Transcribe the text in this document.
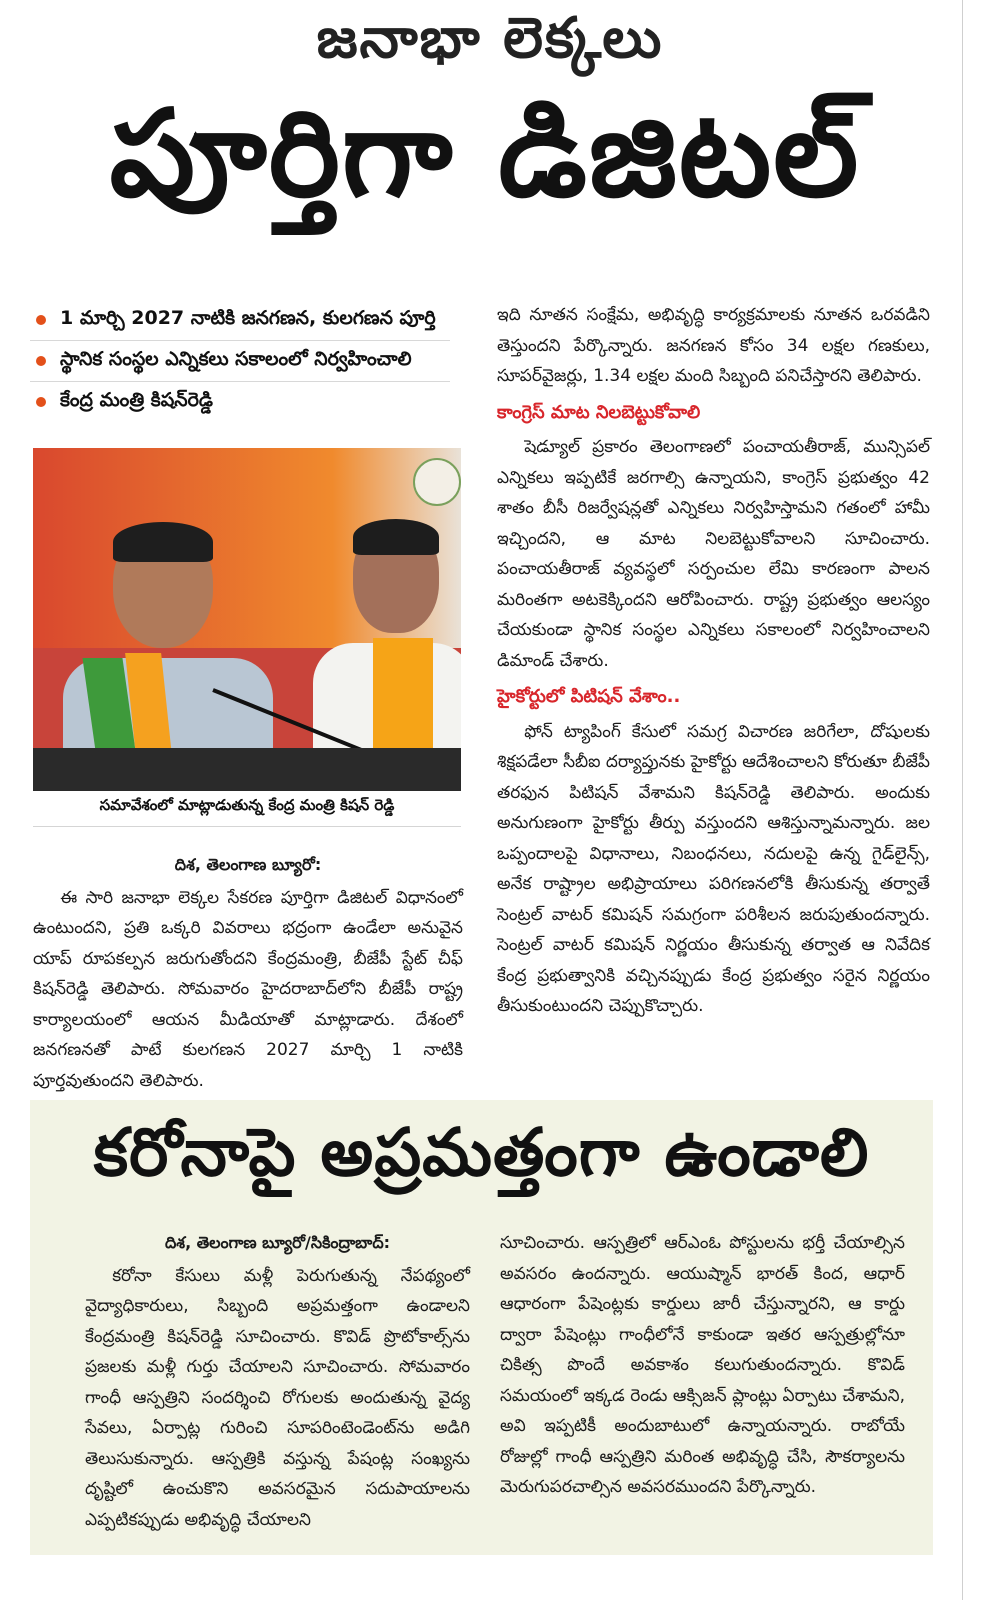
జనాభా లెక్కలు
పూర్తిగా డిజిటల్
1 మార్చి 2027 నాటికి జనగణన, కులగణన పూర్తి
స్థానిక సంస్థల ఎన్నికలు సకాలంలో నిర్వహించాలి
కేంద్ర మంత్రి కిషన్‌రెడ్డి
సమావేశంలో మాట్లాడుతున్న కేంద్ర మంత్రి కిషన్ రెడ్డి
దిశ, తెలంగాణ బ్యూరో:
ఈ సారి జనాభా లెక్కల సేకరణ పూర్తిగా డిజిటల్ విధానంలో ఉంటుందని, ప్రతి ఒక్కరి వివరాలు భద్రంగా ఉండేలా అనువైన యాప్ రూపకల్పన జరుగుతోందని కేంద్రమంత్రి, బీజేపీ స్టేట్ చీఫ్ కిషన్‌రెడ్డి తెలిపారు. సోమవారం హైదరాబాద్‌లోని బీజేపీ రాష్ట్ర కార్యాలయంలో ఆయన మీడియాతో మాట్లాడారు. దేశంలో జనగణనతో పాటే కులగణన 2027 మార్చి 1 నాటికి పూర్తవుతుందని తెలిపారు.
ఇది నూతన సంక్షేమ, అభివృద్ధి కార్యక్రమాలకు నూతన ఒరవడిని తెస్తుందని పేర్కొన్నారు. జనగణన కోసం 34 లక్షల గణకులు, సూపర్‌వైజర్లు, 1.34 లక్షల మంది సిబ్బంది పనిచేస్తారని తెలిపారు.
కాంగ్రెస్ మాట నిలబెట్టుకోవాలి
షెడ్యూల్ ప్రకారం తెలంగాణలో పంచాయతీరాజ్, మున్సిపల్ ఎన్నికలు ఇప్పటికే జరగాల్సి ఉన్నాయని, కాంగ్రెస్ ప్రభుత్వం 42 శాతం బీసీ రిజర్వేషన్లతో ఎన్నికలు నిర్వహిస్తామని గతంలో హామీ ఇచ్చిందని, ఆ మాట నిలబెట్టుకోవాలని సూచించారు. పంచాయతీరాజ్ వ్యవస్థలో సర్పంచుల లేమి కారణంగా పాలన మరింతగా అటకెక్కిందని ఆరోపించారు. రాష్ట్ర ప్రభుత్వం ఆలస్యం చేయకుండా స్థానిక సంస్థల ఎన్నికలు సకాలంలో నిర్వహించాలని డిమాండ్ చేశారు.
హైకోర్టులో పిటిషన్ వేశాం..
ఫోన్ ట్యాపింగ్ కేసులో సమగ్ర విచారణ జరిగేలా, దోషులకు శిక్షపడేలా సీబీఐ దర్యాప్తునకు హైకోర్టు ఆదేశించాలని కోరుతూ బీజేపీ తరఫున పిటిషన్ వేశామని కిషన్‌రెడ్డి తెలిపారు. అందుకు అనుగుణంగా హైకోర్టు తీర్పు వస్తుందని ఆశిస్తున్నామన్నారు. జల ఒప్పందాలపై విధానాలు, నిబంధనలు, నదులపై ఉన్న గైడ్‌లైన్స్, అనేక రాష్ట్రాల అభిప్రాయాలు పరిగణనలోకి తీసుకున్న తర్వాతే సెంట్రల్ వాటర్ కమిషన్ సమగ్రంగా పరిశీలన జరుపుతుందన్నారు. సెంట్రల్ వాటర్ కమిషన్ నిర్ణయం తీసుకున్న తర్వాత ఆ నివేదిక కేంద్ర ప్రభుత్వానికి వచ్చినప్పుడు కేంద్ర ప్రభుత్వం సరైన నిర్ణయం తీసుకుంటుందని చెప్పుకొచ్చారు.
కరోనాపై అప్రమత్తంగా ఉండాలి
దిశ, తెలంగాణ బ్యూరో/సికింద్రాబాద్:
కరోనా కేసులు మళ్లీ పెరుగుతున్న నేపథ్యంలో వైద్యాధికారులు, సిబ్బంది అప్రమత్తంగా ఉండాలని కేంద్రమంత్రి కిషన్‌రెడ్డి సూచించారు. కొవిడ్ ప్రొటోకాల్స్‌ను ప్రజలకు మళ్లీ గుర్తు చేయాలని సూచించారు. సోమవారం గాంధీ ఆస్పత్రిని సందర్శించి రోగులకు అందుతున్న వైద్య సేవలు, ఏర్పాట్ల గురించి సూపరింటెండెంట్‌ను అడిగి తెలుసుకున్నారు. ఆస్పత్రికి వస్తున్న పేషంట్ల సంఖ్యను దృష్టిలో ఉంచుకొని అవసరమైన సదుపాయాలను ఎప్పటికప్పుడు అభివృద్ధి చేయాలని
సూచించారు. ఆస్పత్రిలో ఆర్ఎంఓ పోస్టులను భర్తీ చేయాల్సిన అవసరం ఉందన్నారు. ఆయుష్మాన్ భారత్ కింద, ఆధార్ ఆధారంగా పేషెంట్లకు కార్డులు జారీ చేస్తున్నారని, ఆ కార్డు ద్వారా పేషెంట్లు గాంధీలోనే కాకుండా ఇతర ఆస్పత్రుల్లోనూ చికిత్స పొందే అవకాశం కలుగుతుందన్నారు. కొవిడ్ సమయంలో ఇక్కడ రెండు ఆక్సిజన్ ప్లాంట్లు ఏర్పాటు చేశామని, అవి ఇప్పటికీ అందుబాటులో ఉన్నాయన్నారు. రాబోయే రోజుల్లో గాంధీ ఆస్పత్రిని మరింత అభివృద్ధి చేసి, సౌకర్యాలను మెరుగుపరచాల్సిన అవసరముందని పేర్కొన్నారు.
